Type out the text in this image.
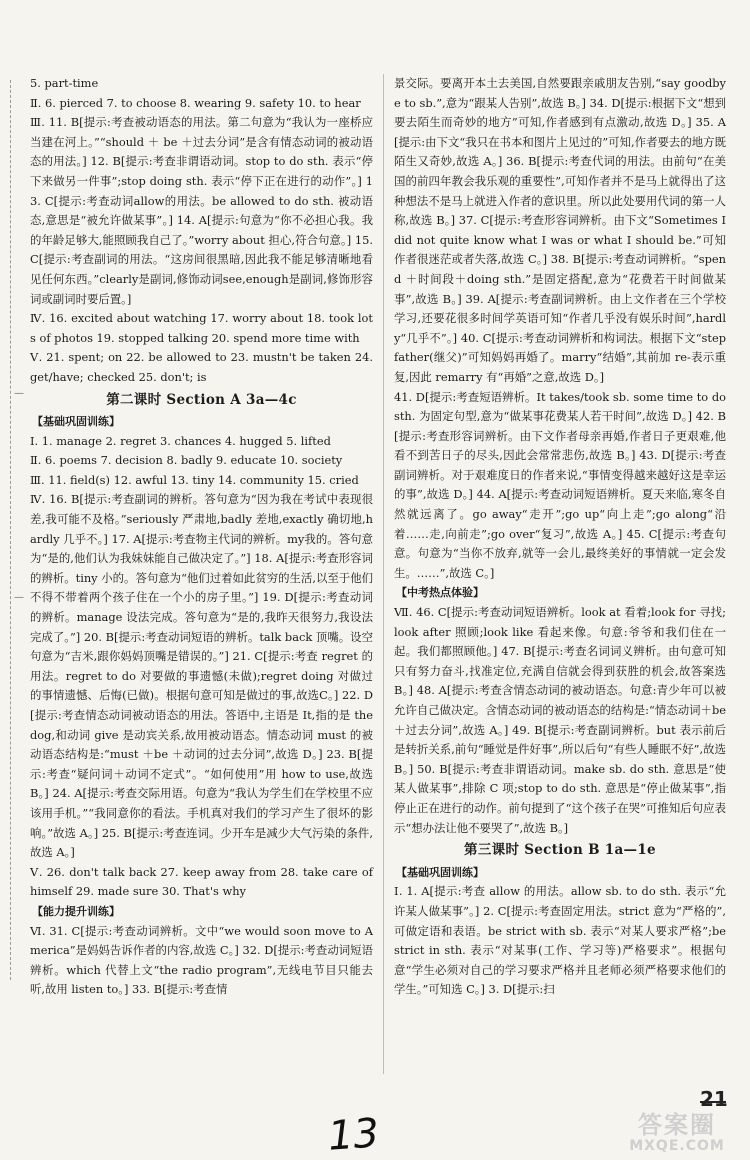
—
—

5. part-time

Ⅱ. 6. pierced 7. to choose 8. wearing 9. safety 10. to hear

Ⅲ. 11. B[提示:考查被动语态的用法。第二句意为“我认为一座桥应当建在河上。”“should ＋ be ＋过去分词”是含有情态动词的被动语态的用法。] 12. B[提示:考查非谓语动词。stop to do sth. 表示“停下来做另一件事”;stop doing sth. 表示“停下正在进行的动作”。] 13. C[提示:考查动词allow的用法。be allowed to do sth. 被动语态,意思是“被允许做某事”。] 14. A[提示:句意为“你不必担心我。我的年龄足够大,能照顾我自己了。”worry about 担心,符合句意。] 15. C[提示:考查副词的用法。“这房间很黑暗,因此我不能足够清晰地看见任何东西。”clearly是副词,修饰动词see,enough是副词,修饰形容词或副词时要后置。]

Ⅳ. 16. excited about watching 17. worry about 18. took lots of photos 19. stopped talking 20. spend more time with

Ⅴ. 21. spent; on 22. be allowed to 23. mustn't be taken 24. get/have; checked 25. don't; is

第二课时 Section A 3a—4c
【基础巩固训练】

Ⅰ. 1. manage 2. regret 3. chances 4. hugged 5. lifted

Ⅱ. 6. poems 7. decision 8. badly 9. educate 10. society

Ⅲ. 11. field(s) 12. awful 13. tiny 14. community 15. cried

Ⅳ. 16. B[提示:考查副词的辨析。答句意为“因为我在考试中表现很差,我可能不及格。”seriously 严肃地,badly 差地,exactly 确切地,hardly 几乎不。] 17. A[提示:考查物主代词的辨析。my我的。答句意为“是的,他们认为我妹妹能自己做决定了。”] 18. A[提示:考查形容词的辨析。tiny 小的。答句意为“他们过着如此贫穷的生活,以至于他们不得不带着两个孩子住在一个小的房子里。”] 19. D[提示:考查动词的辨析。manage 设法完成。答句意为“是的,我昨天很努力,我设法完成了。”] 20. B[提示:考查动词短语的辨析。talk back 顶嘴。设空句意为“吉米,跟你妈妈顶嘴是错误的。”] 21. C[提示:考查 regret 的用法。regret to do 对要做的事遗憾(未做);regret doing 对做过的事情遗憾、后悔(已做)。根据句意可知是做过的事,故选C。] 22. D[提示:考查情态动词被动语态的用法。答语中,主语是 It,指的是 the dog,和动词 give 是动宾关系,故用被动语态。情态动词 must 的被动语态结构是:“must ＋be ＋动词的过去分词”,故选 D。] 23. B[提示:考查“疑问词＋动词不定式”。“如何使用”用 how to use,故选 B。] 24. A[提示:考查交际用语。句意为“我认为学生们在学校里不应该用手机。”“我同意你的看法。手机真对我们的学习产生了很坏的影响。”故选 A。] 25. B[提示:考查连词。少开车是减少大气污染的条件,故选 A。]

Ⅴ. 26. don't talk back 27. keep away from 28. take care of himself 29. made sure 30. That's why

【能力提升训练】

Ⅵ. 31. C[提示:考查动词辨析。文中“we would soon move to America”是妈妈告诉作者的内容,故选 C。] 32. D[提示:考查动词短语辨析。which 代替上文“the radio program”,无线电节目只能去听,故用 listen to。] 33. B[提示:考查情

景交际。要离开本土去美国,自然要跟亲戚朋友告别,“say goodbye to sb.”,意为“跟某人告别”,故选 B。] 34. D[提示:根据下文“想到要去陌生而奇妙的地方”可知,作者感到有点激动,故选 D。] 35. A[提示:由下文“我只在书本和图片上见过的”可知,作者要去的地方既陌生又奇妙,故选 A。] 36. B[提示:考查代词的用法。由前句“在美国的前四年教会我乐观的重要性”,可知作者并不是马上就得出了这种想法不是马上就进入作者的意识里。所以此处要用代词的第一人称,故选 B。] 37. C[提示:考查形容词辨析。由下文“Sometimes I did not quite know what I was or what I should be.”可知作者很迷茫或者失落,故选 C。] 38. B[提示:考查动词辨析。“spend ＋时间段＋doing sth.”是固定搭配,意为“花费若干时间做某事”,故选 B。] 39. A[提示:考查副词辨析。由上文作者在三个学校学习,还要花很多时间学英语可知“作者几乎没有娱乐时间”,hardly“几乎不”。] 40. C[提示:考查动词辨析和构词法。根据下文“stepfather(继父)”可知妈妈再婚了。marry“结婚”,其前加 re-表示重复,因此 remarry 有“再婚”之意,故选 D。]

41. D[提示:考查短语辨析。It takes/took sb. some time to do sth. 为固定句型,意为“做某事花费某人若干时间”,故选 D。] 42. B[提示:考查形容词辨析。由下文作者母亲再婚,作者日子更艰难,他看不到苦日子的尽头,因此会常常悲伤,故选 B。] 43. D[提示:考查副词辨析。对于艰难度日的作者来说,“事情变得越来越好这是幸运的事”,故选 D。] 44. A[提示:考查动词短语辨析。夏天来临,寒冬自然就远离了。go away“走开”;go up“向上走”;go along“沿着……走,向前走”;go over“复习”,故选 A。] 45. C[提示:考查句意。句意为“当你不放弃,就等一会儿,最终美好的事情就一定会发生。……”,故选 C。]

【中考热点体验】

Ⅶ. 46. C[提示:考查动词短语辨析。look at 看着;look for 寻找;look after 照顾;look like 看起来像。句意:爷爷和我们住在一起。我们都照顾他。] 47. B[提示:考查名词词义辨析。由句意可知只有努力奋斗,找准定位,充满自信就会得到获胜的机会,故答案选 B。] 48. A[提示:考查含情态动词的被动语态。句意:青少年可以被允许自己做决定。含情态动词的被动语态的结构是:“情态动词＋be＋过去分词”,故选 A。] 49. B[提示:考查副词辨析。but 表示前后是转折关系,前句“睡觉是件好事”,所以后句“有些人睡眠不好”,故选 B。] 50. B[提示:考查非谓语动词。make sb. do sth. 意思是“使某人做某事”,排除 C 项;stop to do sth. 意思是“停止做某事”,指停止正在进行的动作。前句提到了“这个孩子在哭”可推知后句应表示“想办法让他不要哭了”,故选 B。]

第三课时 Section B 1a—1e
【基础巩固训练】

Ⅰ. 1. A[提示:考查 allow 的用法。allow sb. to do sth. 表示“允许某人做某事”。] 2. C[提示:考查固定用法。strict 意为“严格的”,可做定语和表语。be strict with sb. 表示“对某人要求严格”;be strict in sth. 表示“对某事(工作、学习等)严格要求”。根据句意“学生必须对自己的学习要求严格并且老师必须严格要求他们的学生。”可知选 C。] 3. D[提示:扫

21
13	答案圈
MXQE.COM
